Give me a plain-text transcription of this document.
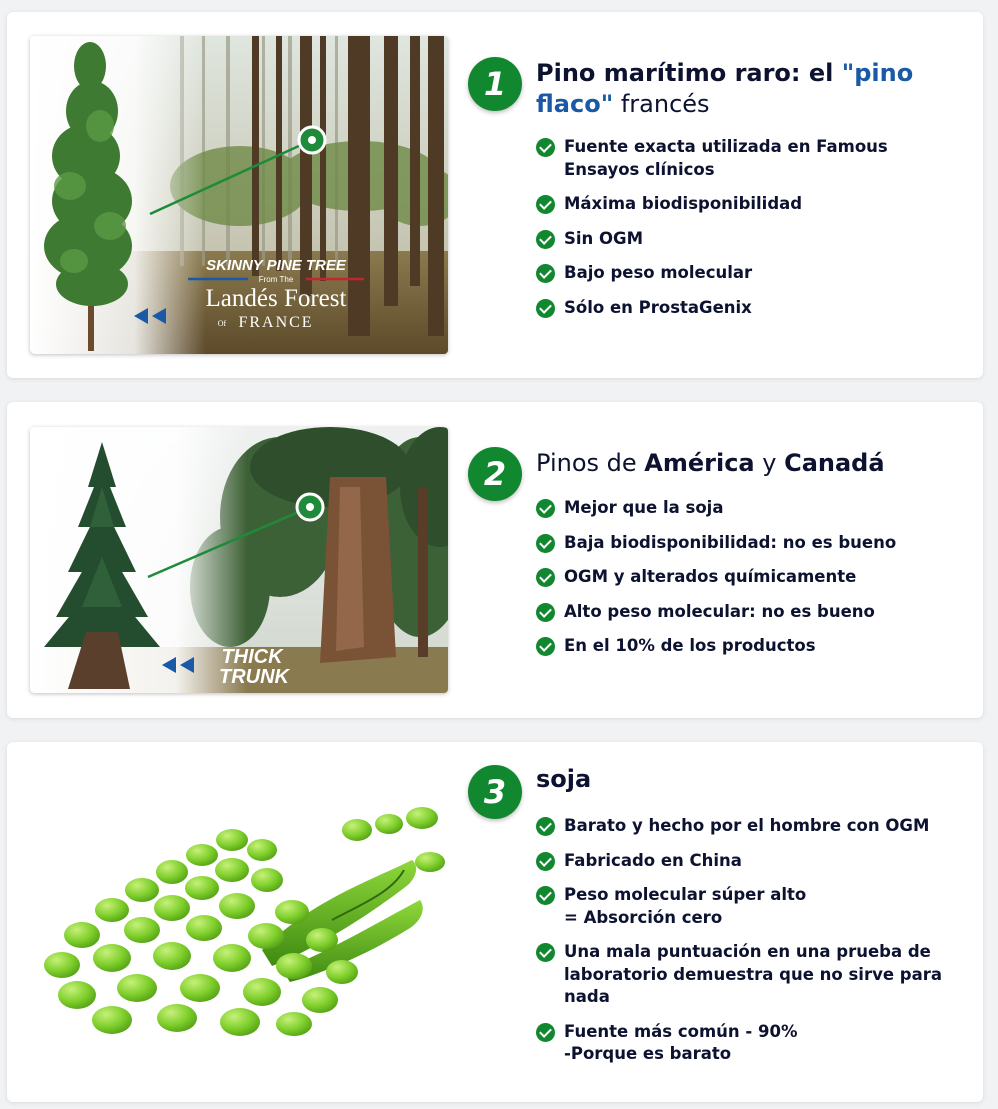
SKINNY PINE TREE
From The
Landés Forest
Of FRANCE
1	Pino marítimo raro: el "pino flaco" francés
Fuente exacta utilizada en Famous
Ensayos clínicos
Máxima biodisponibilidad
Sin OGM
Bajo peso molecular
Sólo en ProstaGenix
THICK
TRUNK
2	Pinos de América y Canadá
Mejor que la soja
Baja biodisponibilidad: no es bueno
OGM y alterados químicamente
Alto peso molecular: no es bueno
En el 10% de los productos
3	soja
Barato y hecho por el hombre con OGM
Fabricado en China
Peso molecular súper alto
= Absorción cero
Una mala puntuación en una prueba de
laboratorio demuestra que no sirve para
nada
Fuente más común - 90%
-Porque es barato
